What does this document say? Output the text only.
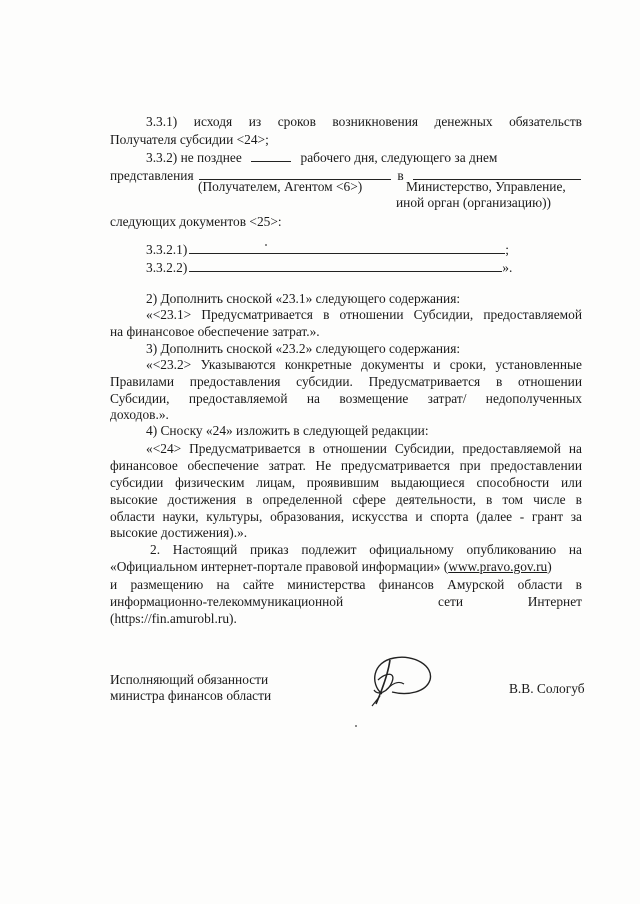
3.3.1) исходя из сроков возникновения денежных обязательств
Получателя субсидии <24>;
3.3.2) не позднее	рабочего дня, следующего за днем
представления	в
(Получателем, Агентом <6>)	Министерство, Управление,
иной орган (организацию))
следующих документов <25>:
3.3.2.1)	;
3.3.2.2)	».
2) Дополнить сноской «23.1» следующего содержания:
«<23.1> Предусматривается в отношении Субсидии, предоставляемой
на финансовое обеспечение затрат.».
3) Дополнить сноской «23.2» следующего содержания:
«<23.2> Указываются конкретные документы и сроки, установленные
Правилами предоставления субсидии. Предусматривается в отношении
Субсидии, предоставляемой на возмещение затрат/ недополученных
доходов.».
4) Сноску «24» изложить в следующей редакции:
«<24> Предусматривается в отношении Субсидии, предоставляемой на
финансовое обеспечение затрат. Не предусматривается при предоставлении
субсидии физическим лицам, проявившим выдающиеся способности или
высокие достижения в определенной сфере деятельности, в том числе в
области науки, культуры, образования, искусства и спорта (далее - грант за
высокие достижения).».
2. Настоящий приказ подлежит официальному опубликованию на
«Официальном интернет-портале правовой информации» (www.pravo.gov.ru)
и размещению на сайте министерства финансов Амурской области в
информационно-телекоммуникационной	сети	Интернет
(https://fin.amurobl.ru).
Исполняющий обязанности
министра финансов области	В.В. Сологуб
